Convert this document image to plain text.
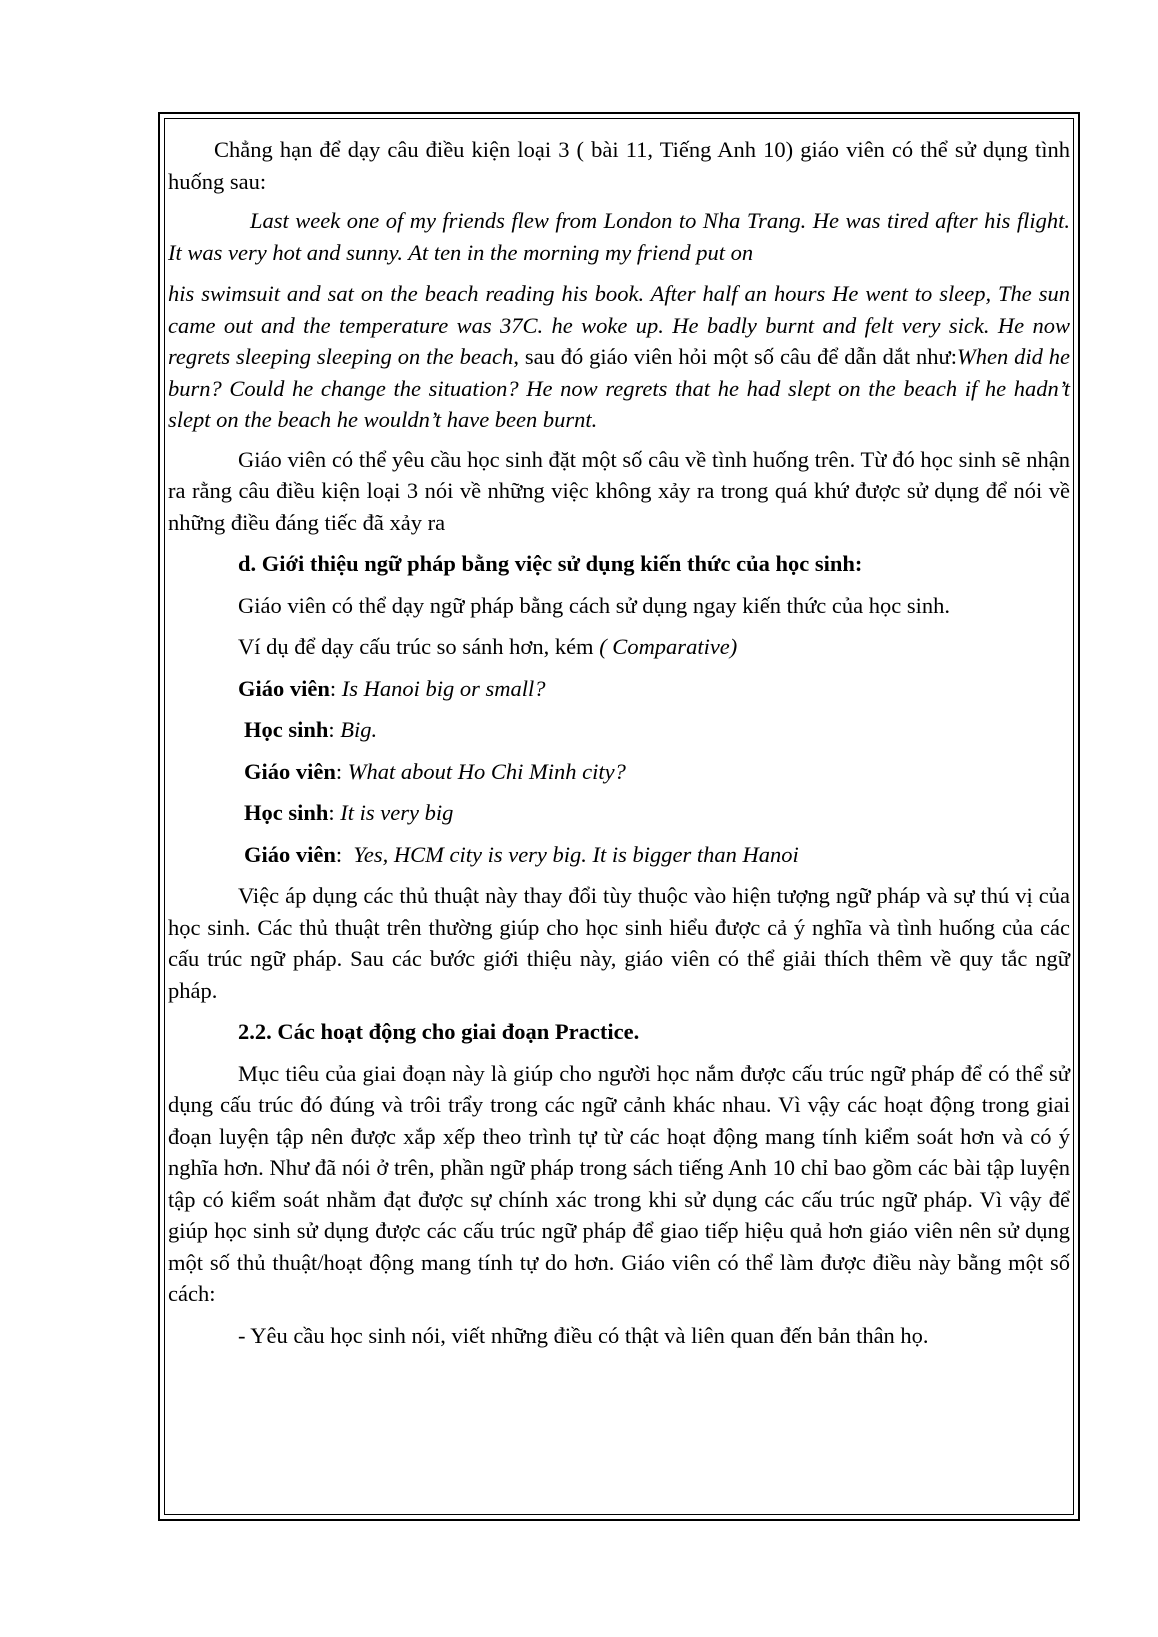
Chẳng hạn để dạy câu điều kiện loại 3 ( bài 11, Tiếng Anh 10) giáo viên có thể sử dụng tình huống sau:

Last week one of my friends flew from London to Nha Trang. He was tired after his flight. It was very hot and sunny. At ten in the morning my friend put on

his swimsuit and sat on the beach reading his book. After half an hours He went to sleep, The sun came out and the temperature was 37C. he woke up. He badly burnt and felt very sick. He now regrets sleeping sleeping on the beach, sau đó giáo viên hỏi một số câu để dẫn dắt như:When did he burn? Could he change the situation? He now regrets that he had slept on the beach if he hadn’t slept on the beach he wouldn’t have been burnt.

Giáo viên có thể yêu cầu học sinh đặt một số câu về tình huống trên. Từ đó học sinh sẽ nhận ra rằng câu điều kiện loại 3 nói về những việc không xảy ra trong quá khứ được sử dụng để nói về những điều đáng tiếc đã xảy ra

d. Giới thiệu ngữ pháp bằng việc sử dụng kiến thức của học sinh:

Giáo viên có thể dạy ngữ pháp bằng cách sử dụng ngay kiến thức của học sinh.

Ví dụ để dạy cấu trúc so sánh hơn, kém ( Comparative)

Giáo viên: Is Hanoi big or small?

Học sinh: Big.

Giáo viên: What about Ho Chi Minh city?

Học sinh: It is very big

Giáo viên:  Yes, HCM city is very big. It is bigger than Hanoi

Việc áp dụng các thủ thuật này thay đổi tùy thuộc vào hiện tượng ngữ pháp và sự thú vị của học sinh. Các thủ thuật trên thường giúp cho học sinh hiểu được cả ý nghĩa và tình huống của các cấu trúc ngữ pháp. Sau các bước giới thiệu này, giáo viên có thể giải thích thêm về quy tắc ngữ pháp.

2.2. Các hoạt động cho giai đoạn Practice.

Mục tiêu của giai đoạn này là giúp cho người học nắm được cấu trúc ngữ pháp để có thể sử dụng cấu trúc đó đúng và trôi trẩy trong các ngữ cảnh khác nhau. Vì vậy các hoạt động trong giai đoạn luyện tập nên được xắp xếp theo trình tự từ các hoạt động mang tính kiểm soát hơn và có ý nghĩa hơn. Như đã nói ở trên, phần ngữ pháp trong sách tiếng Anh 10 chỉ bao gồm các bài tập luyện tập có kiểm soát nhằm đạt được sự chính xác trong khi sử dụng các cấu trúc ngữ pháp. Vì vậy để giúp học sinh sử dụng được các cấu trúc ngữ pháp để giao tiếp hiệu quả hơn giáo viên nên sử dụng một số thủ thuật/hoạt động mang tính tự do hơn. Giáo viên có thể làm được điều này bằng một số cách:

- Yêu cầu học sinh nói, viết những điều có thật và liên quan đến bản thân họ.
